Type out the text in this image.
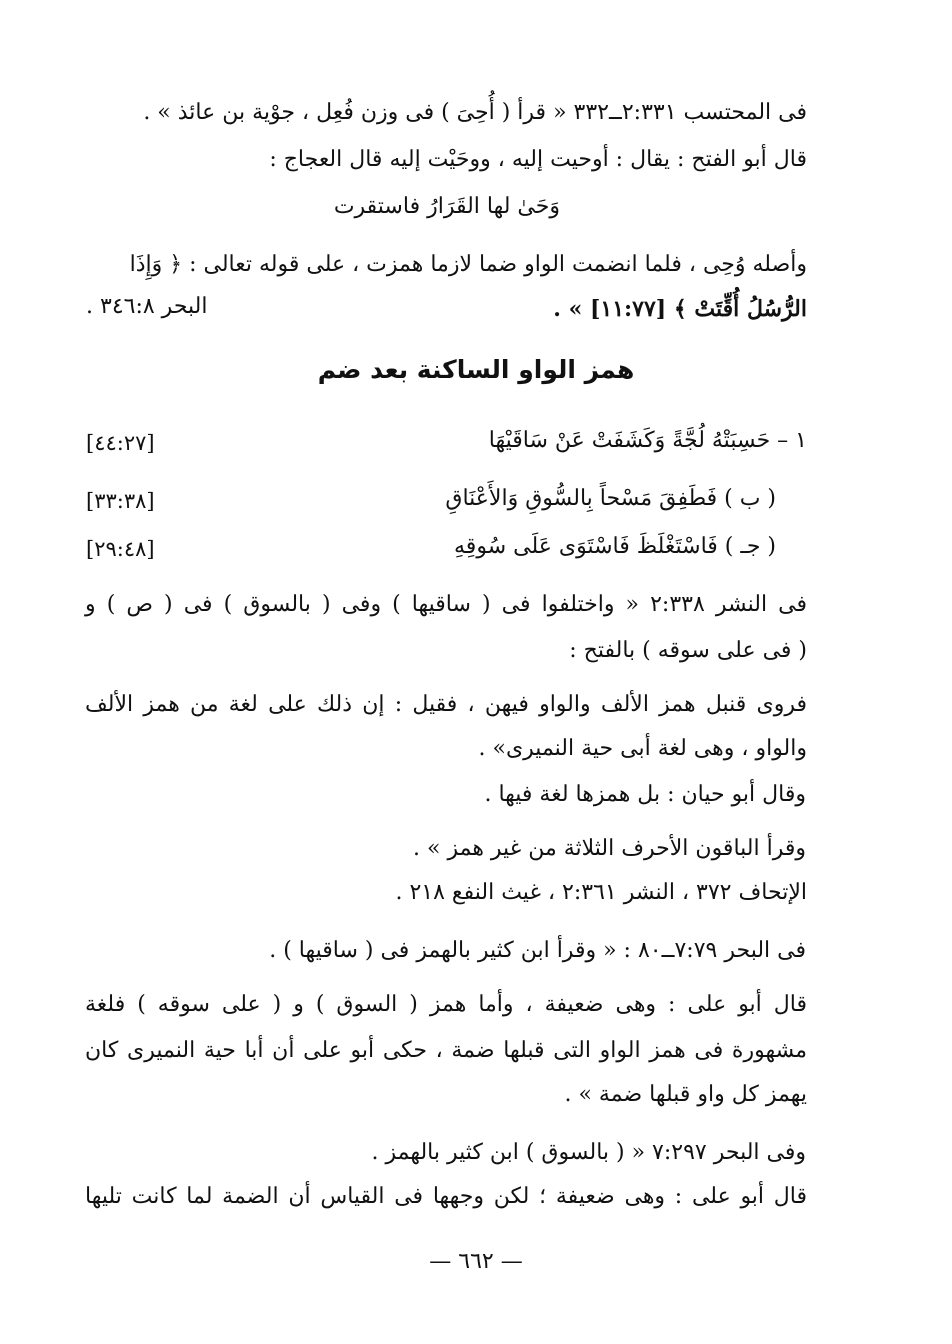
فى المحتسب ٢:٣٣١ــ٣٣٢ « قرأ ( أُحِىَ ) فى وزن فُعِل ، جوْية بن عائذ » .
قال أبو الفتح : يقال : أوحيت إليه ، ووحَيْت إليه قال العجاج :
وَحَىٰ لها القَرَارُ فاستقرت
وأصله وُحِى ، فلما انضمت الواو ضما لازما همزت ، على قوله تعالى : ﴿ وَإِذَا
الرُّسُلُ أُقِّتَتْ ﴾ [١١:٧٧] » .
البحر ٣٤٦:٨ .
همز الواو الساكنة بعد ضم
١ – حَسِبَتْهُ لُجَّةً وَكَشَفَتْ عَنْ سَاقَيْهَا
[٤٤:٢٧]
( ب ) فَطَفِقَ مَسْحاً بِالسُّوقِ وَالأَعْنَاقِ
[٣٣:٣٨]
( جـ ) فَاسْتَغْلَظَ فَاسْتَوَى عَلَى سُوقِهِ
[٢٩:٤٨]
فى النشر ٢:٣٣٨ « واختلفوا فى ( ساقيها ) وفى ( بالسوق ) فى ( ص ) و
( فى على سوقه ) بالفتح :
فروى قنبل همز الألف والواو فيهن ، فقيل : إن ذلك على لغة من همز الألف
والواو ، وهى لغة أبى حية النميرى» .
وقال أبو حيان : بل همزها لغة فيها .
وقرأ الباقون الأحرف الثلاثة من غير همز » .
الإتحاف ٣٧٢ ، النشر ٢:٣٦١ ، غيث النفع ٢١٨ .
فى البحر ٧:٧٩ــ٨٠ : « وقرأ ابن كثير بالهمز فى ( ساقيها ) .
قال أبو على : وهى ضعيفة ، وأما همز ( السوق ) و ( على سوقه ) فلغة
مشهورة فى همز الواو التى قبلها ضمة ، حكى أبو على أن أبا حية النميرى كان
يهمز كل واو قبلها ضمة » .
وفى البحر ٧:٢٩٧ « ( بالسوق ) ابن كثير بالهمز .
قال أبو على : وهى ضعيفة ؛ لكن وجهها فى القياس أن الضمة لما كانت تليها
— ٦٦٢ —
